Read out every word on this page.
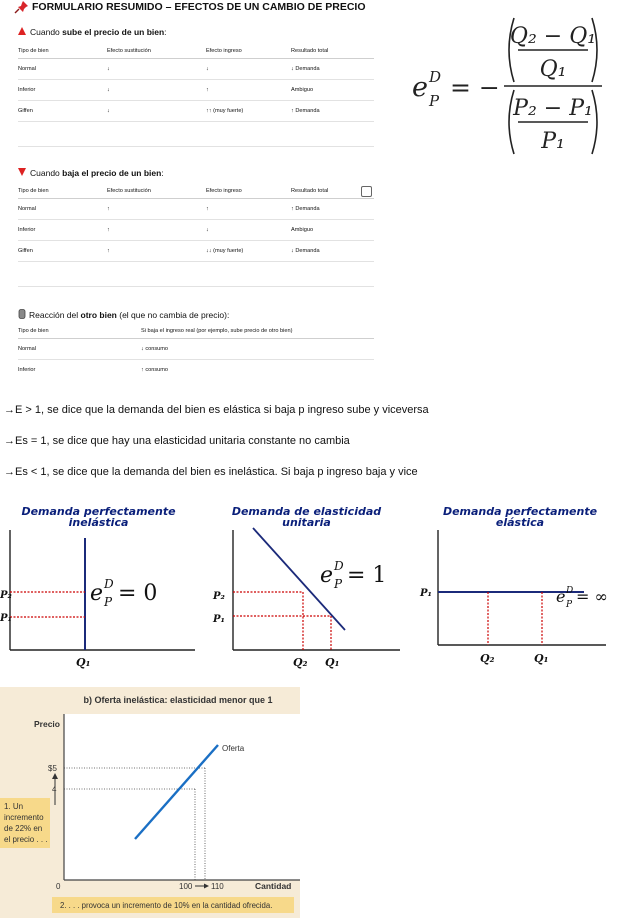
FORMULARIO RESUMIDO – EFECTOS DE UN CAMBIO DE PRECIO
Cuando sube el precio de un bien:
Tipo de bien	Efecto sustitución	Efecto ingreso	Resultado total
Normal	↓	↓	↓ Demanda
Inferior	↓	↑	Ambiguo
Giffen	↓	↑↑ (muy fuerte)	↑ Demanda
e D
P = −
Q₂ − Q₁
Q₁
P₂ − P₁
P₁
Cuando baja el precio de un bien:
Tipo de bien	Efecto sustitución	Efecto ingreso	Resultado total
Normal	↑	↑	↑ Demanda
Inferior	↑	↓	Ambiguo
Giffen	↑	↓↓ (muy fuerte)	↓ Demanda
Reacción del otro bien (el que no cambia de precio):
Tipo de bien	Si baja el ingreso real (por ejemplo, sube precio de otro bien)
Normal	↓ consumo
Inferior	↑ consumo
→E > 1, se dice que la demanda del bien es elástica si baja p ingreso sube y viceversa
→Es = 1, se dice que hay una elasticidad unitaria constante no cambia
→Es < 1, se dice que la demanda del bien es inelástica. Si baja p ingreso baja y vice
Demanda perfectamente
inelástica
P₂
P₁
Q₁
e D
P = 0
Demanda de elasticidad
unitaria
P₂
P₁
Q₂ Q₁
e D
P = 1
Demanda perfectamente
elástica
P₁
Q₂	Q₁
e D
P = ∞
b) Oferta inelástica: elasticidad menor que 1
Precio
$5
4
Oferta
1. Un
incremento
de 22% en
el precio . . .
0	100 110	Cantidad
2. . . . provoca un incremento de 10% en la cantidad ofrecida.
